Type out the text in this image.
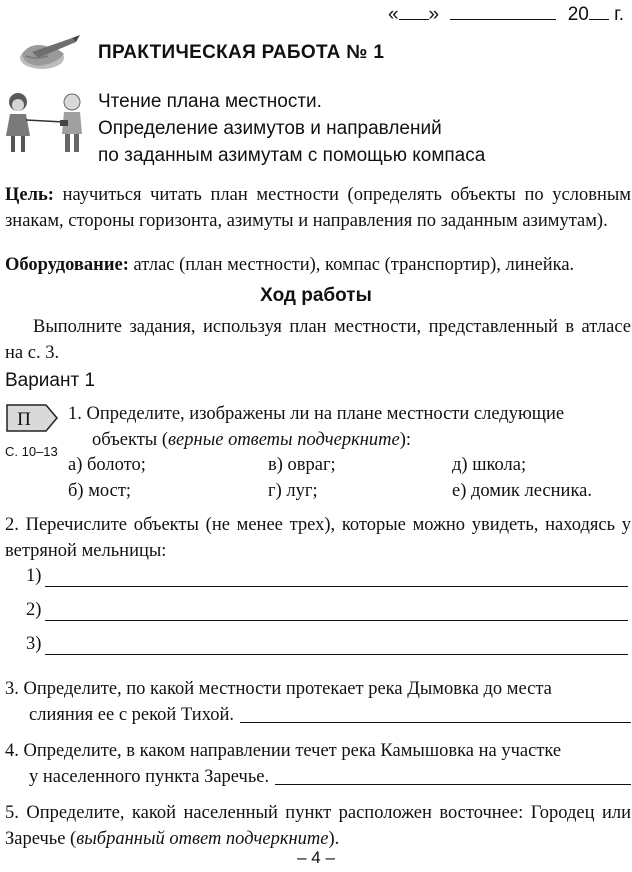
« »	20 г.
ПРАКТИЧЕСКАЯ РАБОТА № 1
Чтение плана местности.
Определение азимутов и направлений
по заданным азимутам с помощью компаса
Цель: научиться читать план местности (определять объекты по условным знакам, стороны горизонта, азимуты и направления по заданным азимутам).
Оборудование: атлас (план местности), компас (транспортир), линейка.
Ход работы
Выполните задания, используя план местности, представленный в атласе на с. 3.
Вариант 1
П
С. 10–13
1. Определите, изображены ли на плане местности следующие
объекты (верные ответы подчеркните):
а) болото;	в) овраг;	д) школа;
б) мост;	г) луг;	е) домик лесника.
2. Перечислите объекты (не менее трех), которые можно увидеть, находясь у ветряной мельницы:
1)
2)
3)
3. Определите, по какой местности протекает река Дымовка до места
слияния ее с рекой Тихой.
4. Определите, в каком направлении течет река Камышовка на участке
у населенного пункта Заречье.
5. Определите, какой населенный пункт расположен восточнее: Городец или Заречье (выбранный ответ подчеркните).
– 4 –
